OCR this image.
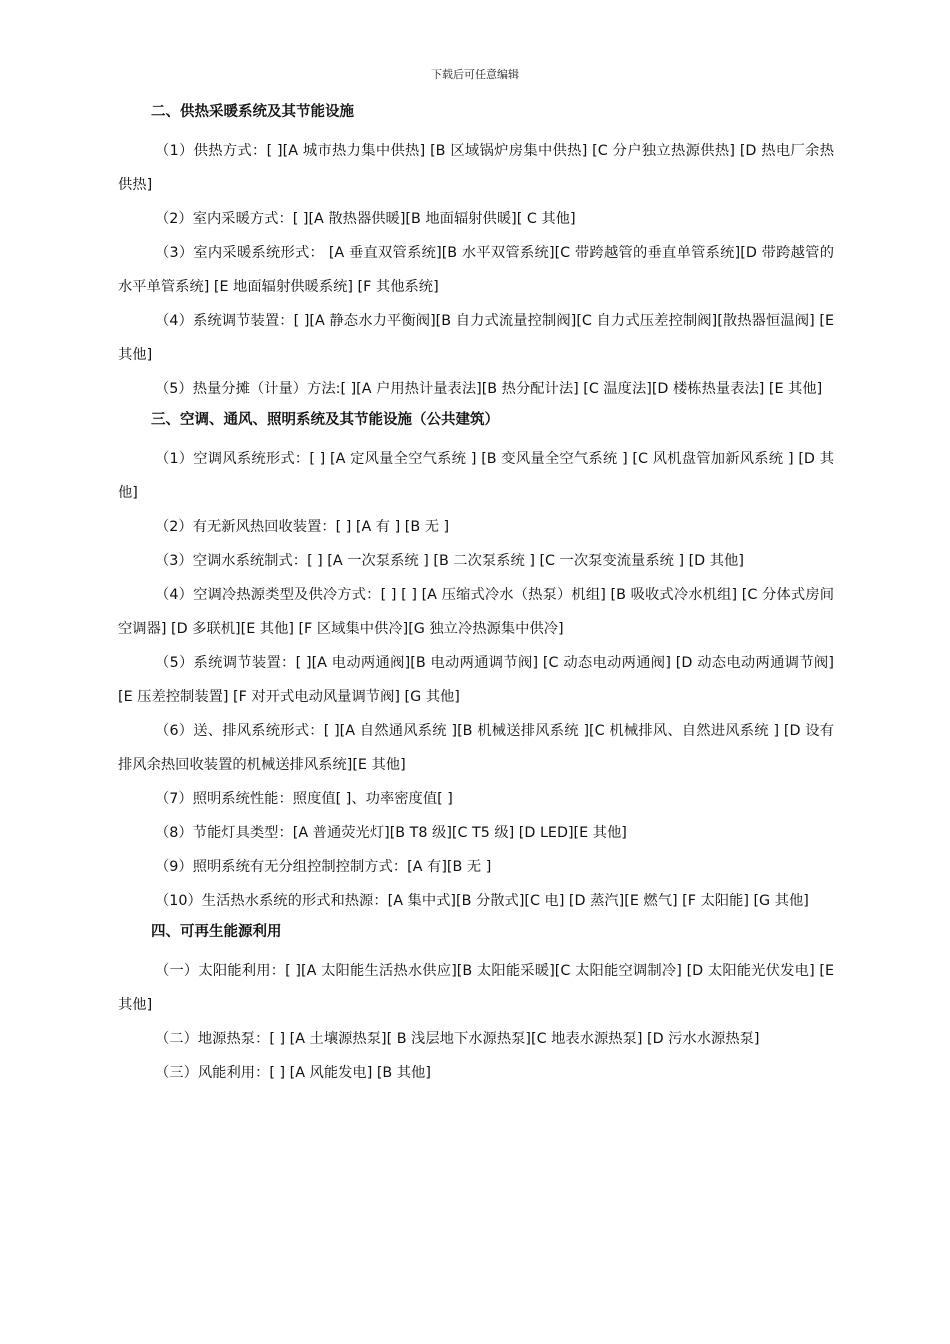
下载后可任意编辑
二、供热采暖系统及其节能设施

（1）供热方式：[ ][A 城市热力集中供热] [B 区域锅炉房集中供热] [C 分户独立热源供热] [D 热电厂余热供热]

（2）室内采暖方式：[ ][A 散热器供暖][B 地面辐射供暖][ C 其他]

（3）室内采暖系统形式： [A 垂直双管系统][B 水平双管系统][C 带跨越管的垂直单管系统][D 带跨越管的水平单管系统] [E 地面辐射供暖系统] [F 其他系统]

（4）系统调节装置：[ ][A 静态水力平衡阀][B 自力式流量控制阀][C 自力式压差控制阀][散热器恒温阀] [E 其他]

（5）热量分摊（计量）方法:[ ][A 户用热计量表法][B 热分配计法] [C 温度法][D 楼栋热量表法] [E 其他]

三、空调、通风、照明系统及其节能设施（公共建筑）

（1）空调风系统形式：[ ] [A 定风量全空气系统 ] [B 变风量全空气系统 ] [C 风机盘管加新风系统 ] [D 其他]

（2）有无新风热回收装置：[ ] [A 有 ] [B 无 ]

（3）空调水系统制式：[ ] [A 一次泵系统 ] [B 二次泵系统 ] [C 一次泵变流量系统 ] [D 其他]

（4）空调冷热源类型及供冷方式：[ ] [ ] [A 压缩式冷水（热泵）机组] [B 吸收式冷水机组] [C 分体式房间空调器] [D 多联机][E 其他] [F 区域集中供冷][G 独立冷热源集中供冷]

（5）系统调节装置：[ ][A 电动两通阀][B 电动两通调节阀] [C 动态电动两通阀] [D 动态电动两通调节阀] [E 压差控制装置] [F 对开式电动风量调节阀] [G 其他]

（6）送、排风系统形式：[ ][A 自然通风系统 ][B 机械送排风系统 ][C 机械排风、自然进风系统 ] [D 设有排风余热回收装置的机械送排风系统][E 其他]

（7）照明系统性能：照度值[ ]、功率密度值[ ]

（8）节能灯具类型：[A 普通荧光灯][B T8 级][C T5 级] [D LED][E 其他]

（9）照明系统有无分组控制控制方式：[A 有][B 无 ]

（10）生活热水系统的形式和热源：[A 集中式][B 分散式][C 电] [D 蒸汽][E 燃气] [F 太阳能] [G 其他]

四、可再生能源利用

（一）太阳能利用：[ ][A 太阳能生活热水供应][B 太阳能采暖][C 太阳能空调制冷] [D 太阳能光伏发电] [E 其他]

（二）地源热泵：[ ] [A 土壤源热泵][ B 浅层地下水源热泵][C 地表水源热泵] [D 污水水源热泵]

（三）风能利用：[ ] [A 风能发电] [B 其他]
